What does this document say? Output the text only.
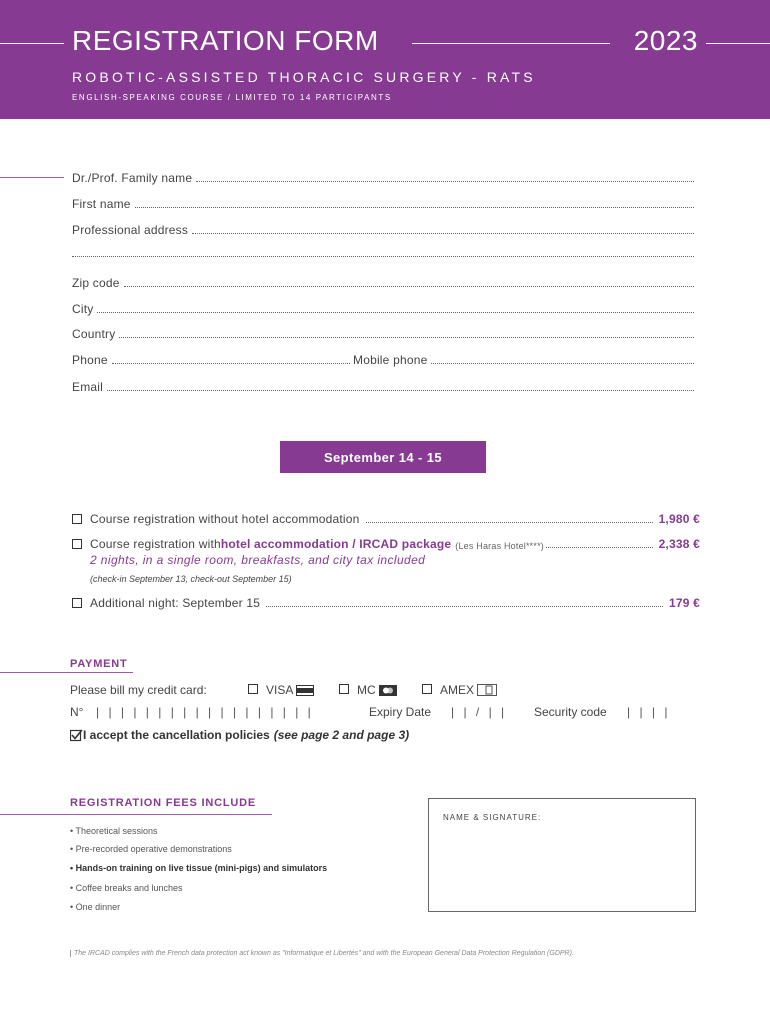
REGISTRATION FORM	2023
ROBOTIC-ASSISTED THORACIC SURGERY - RATS
ENGLISH-SPEAKING COURSE / LIMITED TO 14 PARTICIPANTS
Dr./Prof. Family name
First name
Professional address
Zip code
City
Country
Phone	Mobile phone
Email
September 14 - 15
Course registration without hotel accommodation	1,980 €
Course registration with hotel accommodation / IRCAD package (Les Haras Hotel****)	2,338 €
2 nights, in a single room, breakfasts, and city tax included
(check-in September 13, check-out September 15)
Additional night: September 15	179 €
PAYMENT
Please bill my credit card:	VISA	MC	AMEX
N° | | | | | | | | | | | | | | | | | |	Expiry Date | | / | | Security code | | | |
I accept the cancellation policies (see page 2 and page 3)
REGISTRATION FEES INCLUDE
• Theoretical sessions
• Pre-recorded operative demonstrations
• Hands-on training on live tissue (mini-pigs) and simulators
• Coffee breaks and lunches
• One dinner
NAME & SIGNATURE:
The IRCAD complies with the French data protection act known as "Informatique et Libertés" and with the European General Data Protection Regulation (GDPR).
